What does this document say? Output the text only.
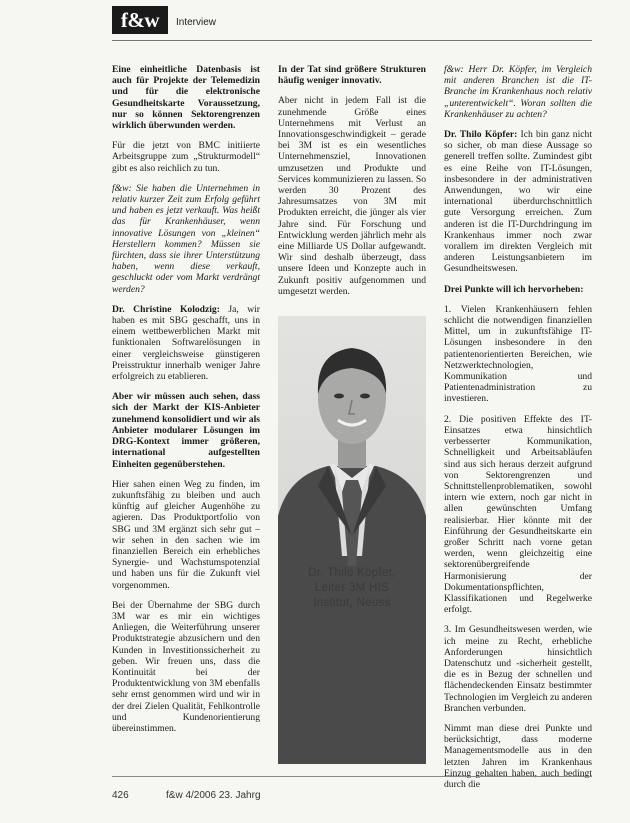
f&w	Interview

Eine einheitliche Datenbasis ist auch für Projekte der Telemedizin und für die elektronische Gesundheitskarte Voraussetzung, nur so können Sektorengrenzen wirklich überwunden werden.

Für die jetzt von BMC initiierte Arbeitsgruppe zum „Strukturmodell“ gibt es also reichlich zu tun.

f&w: Sie haben die Unternehmen in relativ kurzer Zeit zum Erfolg geführt und haben es jetzt verkauft. Was heißt das für Krankenhäuser, wenn innovative Lösungen von „kleinen“ Herstellern kommen? Müssen sie fürchten, dass sie ihrer Unterstützung haben, wenn diese verkauft, geschluckt oder vom Markt verdrängt werden?

Dr. Christine Kolodzig: Ja, wir haben es mit SBG geschafft, uns in einem wettbewerblichen Markt mit funktionalen Softwarelösungen in einer vergleichsweise günstigeren Preisstruktur innerhalb weniger Jahre erfolgreich zu etablieren.

Aber wir müssen auch sehen, dass sich der Markt der KIS-Anbieter zunehmend konsolidiert und wir als Anbieter modularer Lösungen im DRG-Kontext immer größeren, international aufgestellten Einheiten gegenüberstehen.

Hier sahen einen Weg zu finden, im zukunftsfähig zu bleiben und auch künftig auf gleicher Augenhöhe zu agieren. Das Produktportfolio von SBG und 3M ergänzt sich sehr gut – wir sehen in den sachen wie im finanziellen Bereich ein erhebliches Synergie- und Wachstumspotenzial und haben uns für die Zukunft viel vorgenommen.

Bei der Übernahme der SBG durch 3M war es mir ein wichtiges Anliegen, die Weiterführung unserer Produktstrategie abzusichern und den Kunden in Investitionssicherheit zu geben. Wir freuen uns, dass die Kontinuität bei der Produktentwicklung von 3M ebenfalls sehr ernst genommen wird und wir in der drei Zielen Qualität, Fehlkontrolle und Kundenorientierung übereinstimmen.

In der Tat sind größere Strukturen häufig weniger innovativ.

Aber nicht in jedem Fall ist die zunehmende Größe eines Unternehmens mit Verlust an Innovationsgeschwindigkeit – gerade bei 3M ist es ein wesentliches Unternehmensziel, Innovationen umzusetzen und Produkte und Services kommunizieren zu lassen. So werden 30 Prozent des Jahresumsatzes von 3M mit Produkten erreicht, die jünger als vier Jahre sind. Für Forschung und Entwicklung werden jährlich mehr als eine Milliarde US Dollar aufgewandt. Wir sind deshalb überzeugt, dass unsere Ideen und Konzepte auch in Zukunft positiv aufgenommen und umgesetzt werden.

Dr. Thilo Köpfer,
Leiter 3M HIS
Institut, Neuss

f&w: Herr Dr. Köpfer, im Vergleich mit anderen Branchen ist die IT-Branche im Krankenhaus noch relativ „unterentwickelt“. Woran sollten die Krankenhäuser zu achten?

Dr. Thilo Köpfer: Ich bin ganz nicht so sicher, ob man diese Aussage so generell treffen sollte. Zumindest gibt es eine Reihe von IT-Lösungen, insbesondere in der administrativen Anwendungen, wo wir eine international überdurchschnittlich gute Versorgung erreichen. Zum anderen ist die IT-Durchdringung im Krankenhaus immer noch zwar vorallem im direkten Vergleich mit anderen Leistungsanbietern im Gesundheitswesen.

Drei Punkte will ich hervorheben:

1. Vielen Krankenhäusern fehlen schlicht die notwendigen finanziellen Mittel, um in zukunftsfähige IT-Lösungen insbesondere in den patientenorientierten Bereichen, wie Netzwerktechnologien, Kommunikation und Patientenadministration zu investieren.

2. Die positiven Effekte des IT-Einsatzes etwa hinsichtlich verbesserter Kommunikation, Schnelligkeit und Arbeitsabläufen sind aus sich heraus derzeit aufgrund von Sektorengrenzen und Schnittstellenproblematiken, sowohl intern wie extern, noch gar nicht in allen gewünschten Umfang realisierbar. Hier könnte mit der Einführung der Gesundheitskarte ein großer Schritt nach vorne getan werden, wenn gleichzeitig eine sektorenübergreifende Harmonisierung der Dokumentationspflichten, Klassifikationen und Regelwerke erfolgt.

3. Im Gesundheitswesen werden, wie ich meine zu Recht, erhebliche Anforderungen hinsichtlich Datenschutz und -sicherheit gestellt, die es in Bezug der schnellen und flächendeckenden Einsatz bestimmter Technologien im Vergleich zu anderen Branchen verbunden.

Nimmt man diese drei Punkte und berücksichtigt, dass moderne Managementsmodelle aus in den letzten Jahren im Krankenhaus Einzug gehalten haben, auch bedingt durch die

426	f&w 4/2006 23. Jahrg
